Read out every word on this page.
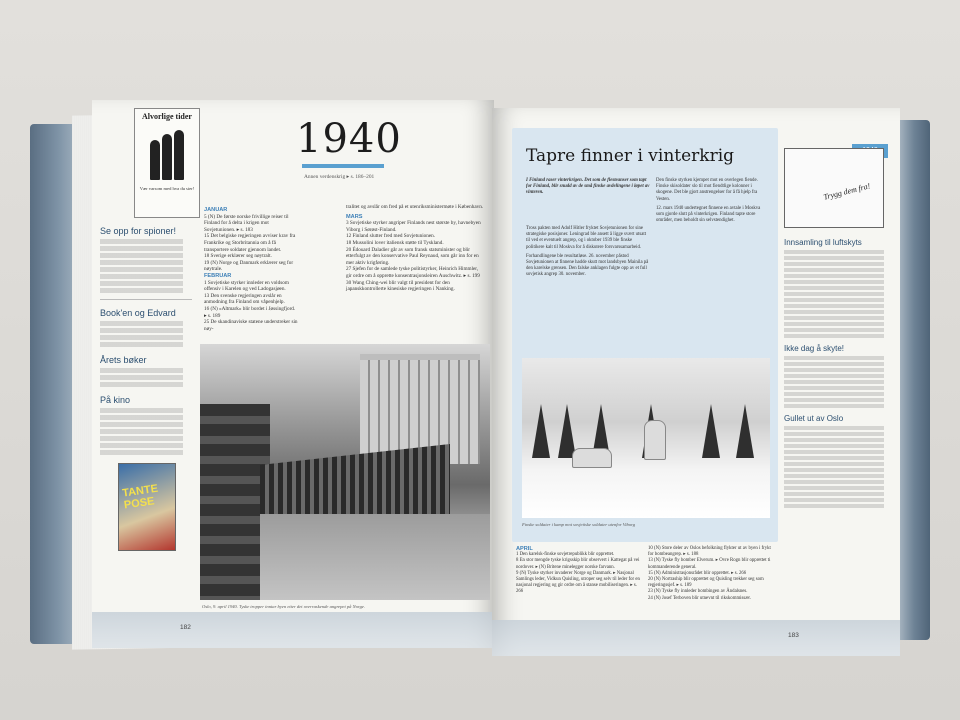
Alvorlige tider
Vær varsom med hva du sier!
Se opp for spioner!
Book'en og Edvard
Årets bøker
På kino
TANTE POSE
1940
Annen verdenskrig ▸ s. 186–201
JANUAR

5 (N) De første norske frivillige reiser til Finland for å delta i krigen mot Sovjetunionen. ▸ s. 183

15 Det belgiske regjeringen avviser krav fra Frankrike og Storbritannia om å få transportere soldater gjennom landet.

18 Sverige erklærer seg nøytralt.

19 (N) Norge og Danmark erklærer seg for nøytrale.

FEBRUAR

1 Sovjetiske styrker innleder en voldsom offensiv i Karelen og ved Ladogasjøen.

13 Den svenske regjeringen avslår en anmodning fra Finland om våpenhjelp.

16 (N) «Altmark» blir bordet i Jøssingfjord. ▸ s. 189

25 De skandinaviske statene understreker sin nøy-

tralitet og avslår om fred på et utenriksministermøte i København.

MARS

3 Sovjetiske styrker angriper Finlands nest største by, havnebyen Viborg i Sørøst-Finland.

12 Finland slutter fred med Sovjetunionen.

18 Mussolini lover italiensk støtte til Tyskland.

20 Édouard Daladier går av som fransk statsminister og blir etterfulgt av den konservative Paul Reynaud, som går inn for en mer aktiv krigføring.

27 Sjefen for de samlede tyske politistyrker, Heinrich Himmler, gir ordre om å opprette konsentrasjonsleiren Auschwitz. ▸ s. 199

30 Wang Ching-wei blir valgt til president for den japanskkontrollerte kinesiske regjeringen i Nanking.

Oslo, 9. april 1940. Tyske tropper inntar byen etter det overraskende angrepet på Norge.
182
Tapre finner i vinterkrig
I Finland raser vinterkrigen. Det som de flesteanser som tapt for Finland, blir snudd av de små finske avdelingene i løpet av vinteren.

Tross pakten med Adolf Hitler fryktet Sovjetunionen for sine strategiske posisjoner. Leningrad ble ansett å ligge svært utsatt til ved et eventuelt angrep, og i oktober 1939 ble finske politikere kalt til Moskva for å diskutere forsvarssamarbeid.

Forhandlingene ble resultatløse. 26. november påstod Sovjetunionen at finnene hadde skutt mot landsbyen Mainila på den karelske grensen. Den falske anklagen fulgte opp av et full sovjetisk angrep 30. november.

Den finske styrken kjempet mot en overlegen fiende. Finske skisoldater slo til mot fiendtlige kolonner i skogene. Det ble gjort anstrengelser for å få hjelp fra Vesten.

12. mars 1940 undertegnet finnene en avtale i Moskva som gjorde slutt på vinterkrigen. Finland tapte store områder, men beholdt sin selvstendighet.

Finske soldater i kamp mot sovjetiske soldater utenfor Viborg
APRIL

1 Den karelsk-finske sovjetrepublikk blir opprettet.

8 En stor mengde tyske krigsskip blir observert i Kattegat på vei nordover. ▸ (N) Britene minelegger norske farvann.

9 (N) Tyske styrker invaderer Norge og Danmark. ▸ Nasjonal Samlings leder, Vidkun Quisling, utroper seg selv til leder for en nasjonal regjering og gir ordre om å stanse mobiliseringen. ▸ s. 266

10 (N) Store deler av Oslos befolkning flykter ut av byen i frykt for bombeangrep. ▸ s. 188

13 (N) Tyske fly bomber Elverum. ▸ Ovre Rogn blir opprettet ti kommanderende general.

15 (N) Administrasjonsrådet blir opprettet. ▸ s. 266

20 (N) Nortraship blir opprettet og Quisling trekker seg som regjeringssjef. ▸ s. 189

23 (N) Tyske fly innleder bombingen av Åndalsnes.

24 (N) Josef Terboven blir utnevnt til rikskommissær.

Trygg dem fra!
Innsamling til luftskyts
Ikke dag å skyte!
Gullet ut av Oslo
183
